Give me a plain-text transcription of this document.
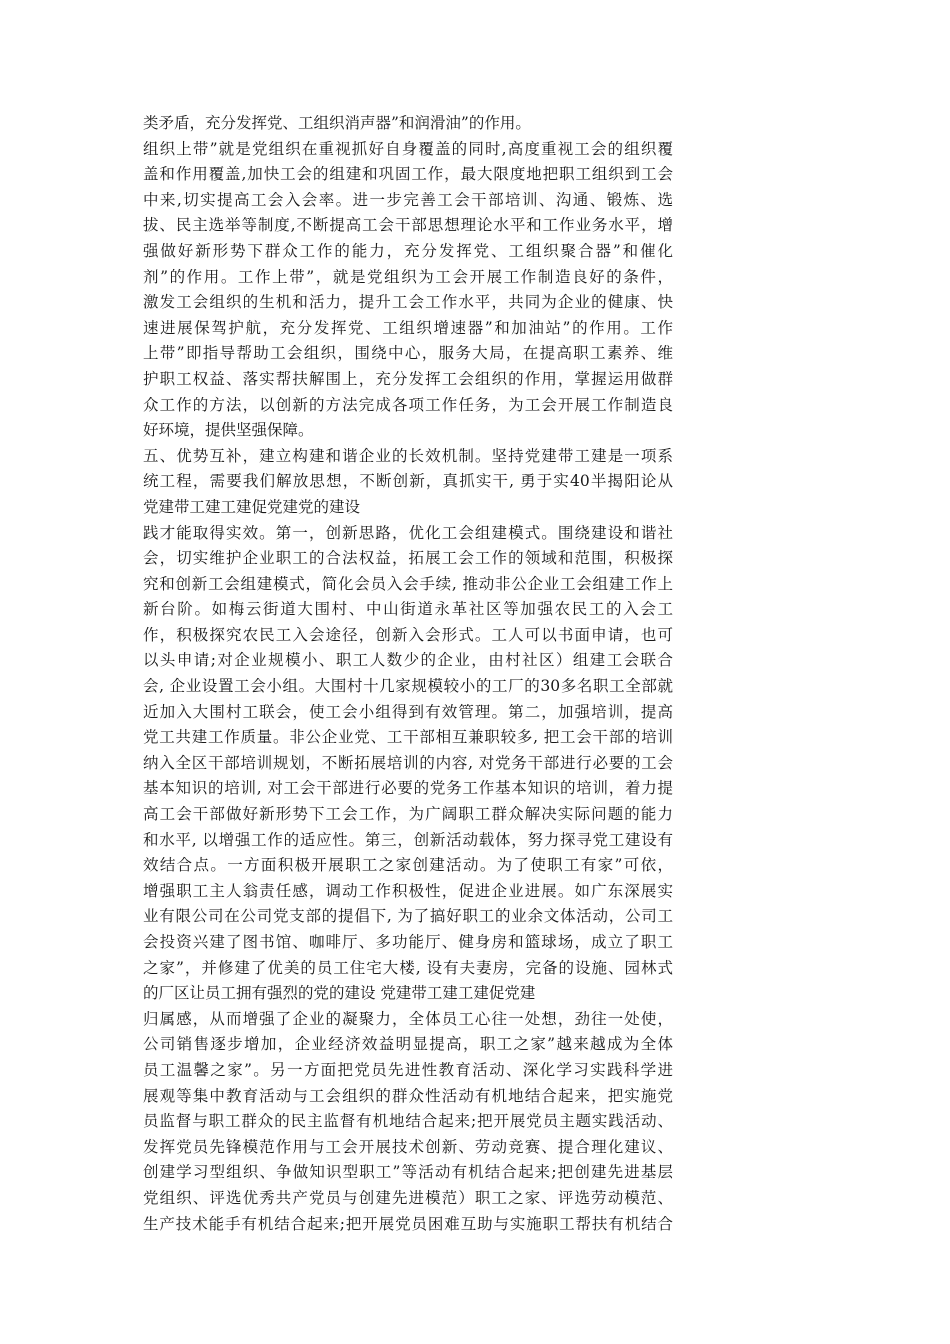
类矛盾，充分发挥党、工组织消声器”和润滑油”的作用。
组织上带”就是党组织在重视抓好自身覆盖的同时,高度重视工会的组织覆
盖和作用覆盖,加快工会的组建和巩固工作，最大限度地把职工组织到工会
中来,切实提高工会入会率。进一步完善工会干部培训、沟通、锻炼、选
拔、民主选举等制度,不断提高工会干部思想理论水平和工作业务水平，增
强做好新形势下群众工作的能力，充分发挥党、工组织聚合器”和催化
剂”的作用。工作上带”，就是党组织为工会开展工作制造良好的条件，
激发工会组织的生机和活力，提升工会工作水平，共同为企业的健康、快
速进展保驾护航，充分发挥党、工组织增速器”和加油站”的作用。工作
上带”即指导帮助工会组织，围绕中心，服务大局，在提高职工素养、维
护职工权益、落实帮扶解围上，充分发挥工会组织的作用，掌握运用做群
众工作的方法，以创新的方法完成各项工作任务，为工会开展工作制造良
好环境，提供坚强保障。
五、优势互补，建立构建和谐企业的长效机制。坚持党建带工建是一项系
统工程，需要我们解放思想，不断创新，真抓实干, 勇于实40半揭阳论从
党建带工建工建促党建党的建设
践才能取得实效。第一，创新思路，优化工会组建模式。围绕建设和谐社
会，切实维护企业职工的合法权益，拓展工会工作的领域和范围，积极探
究和创新工会组建模式，简化会员入会手续, 推动非公企业工会组建工作上
新台阶。如梅云街道大围村、中山街道永革社区等加强农民工的入会工
作，积极探究农民工入会途径，创新入会形式。工人可以书面申请，也可
以头申请;对企业规模小、职工人数少的企业，由村社区）组建工会联合
会, 企业设置工会小组。大围村十几家规模较小的工厂的30多名职工全部就
近加入大围村工联会，使工会小组得到有效管理。第二，加强培训，提高
党工共建工作质量。非公企业党、工干部相互兼职较多, 把工会干部的培训
纳入全区干部培训规划，不断拓展培训的内容, 对党务干部进行必要的工会
基本知识的培训, 对工会干部进行必要的党务工作基本知识的培训，着力提
高工会干部做好新形势下工会工作，为广阔职工群众解决实际问题的能力
和水平, 以增强工作的适应性。第三，创新活动载体，努力探寻党工建设有
效结合点。一方面积极开展职工之家创建活动。为了使职工有家”可依，
增强职工主人翁责任感，调动工作积极性，促进企业进展。如广东深展实
业有限公司在公司党支部的提倡下, 为了搞好职工的业余文体活动，公司工
会投资兴建了图书馆、咖啡厅、多功能厅、健身房和篮球场，成立了职工
之家”，并修建了优美的员工住宅大楼, 设有夫妻房，完备的设施、园林式
的厂区让员工拥有强烈的党的建设 党建带工建工建促党建
归属感，从而增强了企业的凝聚力，全体员工心往一处想，劲往一处使，
公司销售逐步增加，企业经济效益明显提高，职工之家”越来越成为全体
员工温馨之家”。另一方面把党员先进性教育活动、深化学习实践科学进
展观等集中教育活动与工会组织的群众性活动有机地结合起来，把实施党
员监督与职工群众的民主监督有机地结合起来;把开展党员主题实践活动、
发挥党员先锋模范作用与工会开展技术创新、劳动竞赛、提合理化建议、
创建学习型组织、争做知识型职工”等活动有机结合起来;把创建先进基层
党组织、评选优秀共产党员与创建先进模范）职工之家、评选劳动模范、
生产技术能手有机结合起来;把开展党员困难互助与实施职工帮扶有机结合
